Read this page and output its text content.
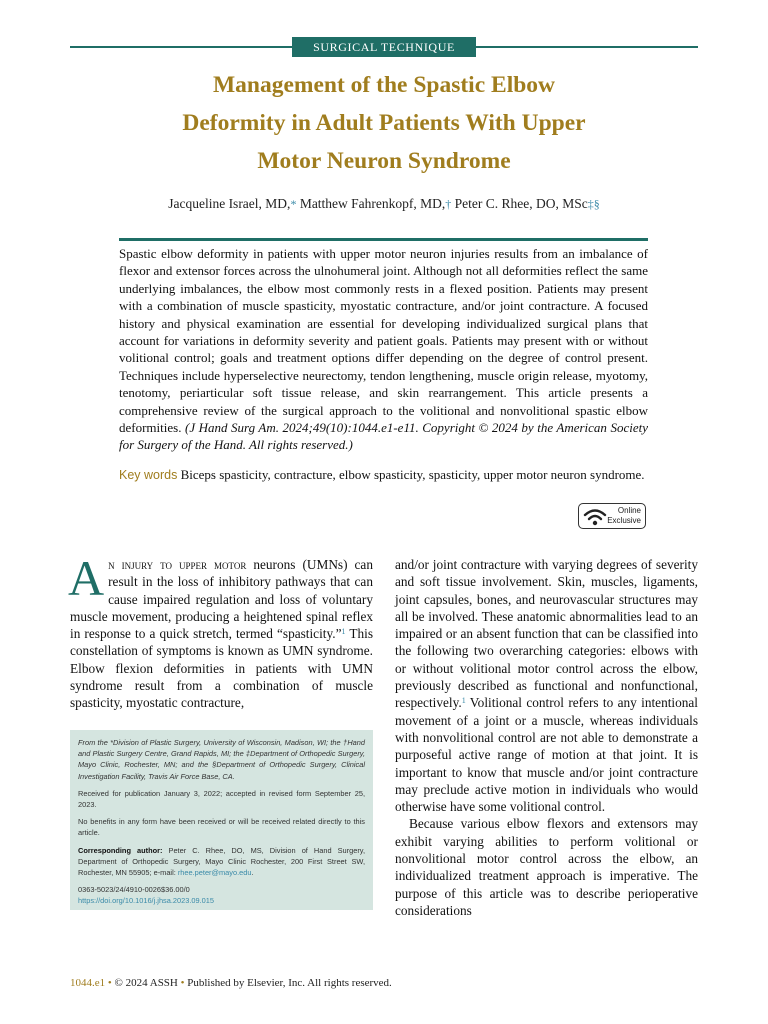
SURGICAL TECHNIQUE
Management of the Spastic Elbow
Deformity in Adult Patients With Upper
Motor Neuron Syndrome
Jacqueline Israel, MD,* Matthew Fahrenkopf, MD,† Peter C. Rhee, DO, MSc‡§
Spastic elbow deformity in patients with upper motor neuron injuries results from an imbalance of flexor and extensor forces across the ulnohumeral joint. Although not all deformities reflect the same underlying imbalances, the elbow most commonly rests in a flexed position. Patients may present with a combination of muscle spasticity, myostatic contracture, and/or joint contracture. A focused history and physical examination are essential for developing individualized surgical plans that account for variations in deformity severity and patient goals. Patients may present with or without volitional control; goals and treatment options differ depending on the degree of control present. Techniques include hyperselective neurectomy, tendon lengthening, muscle origin release, myotomy, tenotomy, periarticular soft tissue release, and skin rearrangement. This article presents a comprehensive review of the surgical approach to the volitional and nonvolitional spastic elbow deformities. (J Hand Surg Am. 2024;49(10):1044.e1-e11. Copyright © 2024 by the American Society for Surgery of the Hand. All rights reserved.)
Key words Biceps spasticity, contracture, elbow spasticity, spasticity, upper motor neuron syndrome.
Online
Exclusive
An injury to upper motor neurons (UMNs) can result in the loss of inhibitory pathways that can cause impaired regulation and loss of voluntary muscle movement, producing a heightened spinal reflex in response to a quick stretch, termed “spasticity.”$^1$ This constellation of symptoms is known as UMN syndrome. Elbow flexion deformities in patients with UMN syndrome result from a combination of muscle spasticity, myostatic contracture,

From the *Division of Plastic Surgery, University of Wisconsin, Madison, WI; the †Hand and Plastic Surgery Centre, Grand Rapids, MI; the ‡Department of Orthopedic Surgery, Mayo Clinic, Rochester, MN; and the §Department of Orthopedic Surgery, Clinical Investigation Facility, Travis Air Force Base, CA.

Received for publication January 3, 2022; accepted in revised form September 25, 2023.

No benefits in any form have been received or will be received related directly to this article.

Corresponding author: Peter C. Rhee, DO, MS, Division of Hand Surgery, Department of Orthopedic Surgery, Mayo Clinic Rochester, 200 First Street SW, Rochester, MN 55905; e-mail: rhee.peter@mayo.edu.

0363-5023/24/4910-0026$36.00/0
https://doi.org/10.1016/j.jhsa.2023.09.015

and/or joint contracture with varying degrees of severity and soft tissue involvement. Skin, muscles, ligaments, joint capsules, bones, and neurovascular structures may all be involved. These anatomic abnormalities lead to an impaired or an absent function that can be classified into the following two overarching categories: elbows with or without volitional motor control across the elbow, previously described as functional and nonfunctional, respectively.$^1$ Volitional control refers to any intentional movement of a joint or a muscle, whereas individuals with nonvolitional control are not able to demonstrate a purposeful active range of motion at that joint. It is important to know that muscle and/or joint contracture may preclude active motion in individuals who would otherwise have some volitional control.

Because various elbow flexors and extensors may exhibit varying abilities to perform volitional or nonvolitional motor control across the elbow, an individualized treatment approach is imperative. The purpose of this article was to describe perioperative considerations

1044.e1 • © 2024 ASSH • Published by Elsevier, Inc. All rights reserved.
